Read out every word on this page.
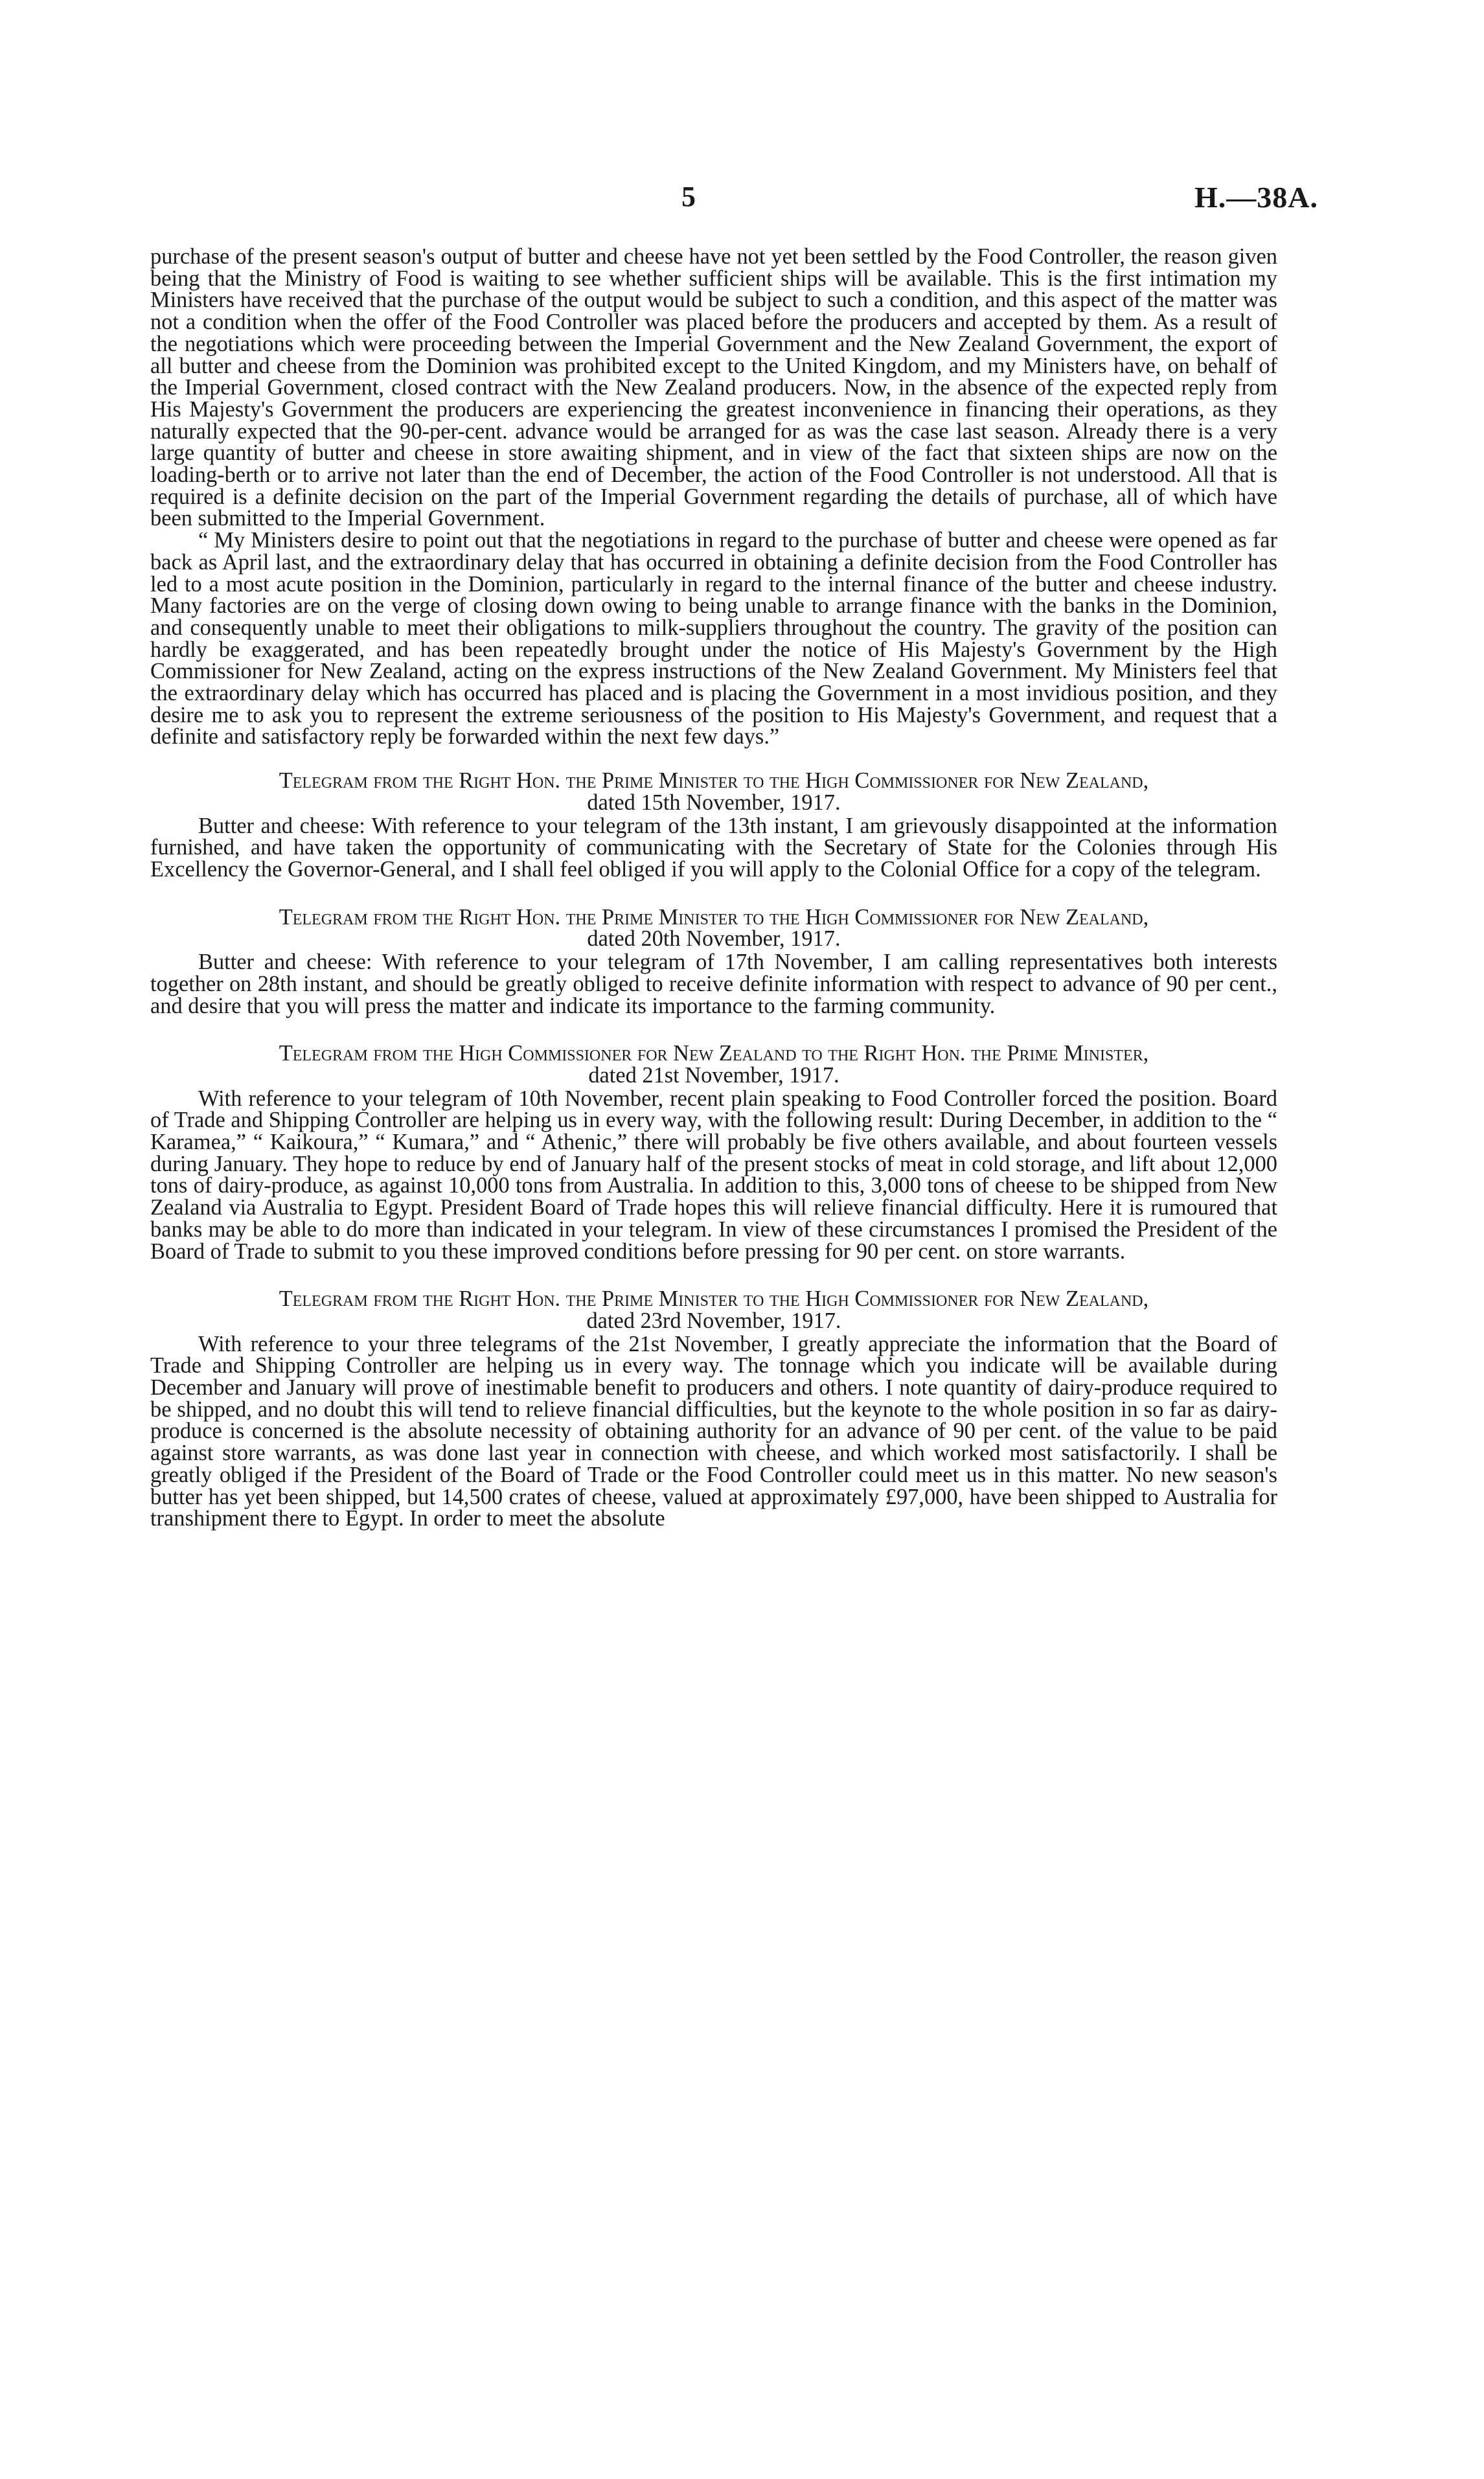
5	H.—38A.

purchase of the present season's output of butter and cheese have not yet been settled by the Food Controller, the reason given being that the Ministry of Food is waiting to see whether sufficient ships will be available. This is the first intimation my Ministers have received that the purchase of the output would be subject to such a condition, and this aspect of the matter was not a condition when the offer of the Food Controller was placed before the producers and accepted by them. As a result of the negotiations which were proceeding between the Imperial Government and the New Zealand Government, the export of all butter and cheese from the Dominion was prohibited except to the United Kingdom, and my Ministers have, on behalf of the Imperial Government, closed contract with the New Zealand producers. Now, in the absence of the expected reply from His Majesty's Government the producers are experiencing the greatest inconvenience in financing their operations, as they naturally expected that the 90-per-cent. advance would be arranged for as was the case last season. Already there is a very large quantity of butter and cheese in store awaiting shipment, and in view of the fact that sixteen ships are now on the loading-berth or to arrive not later than the end of December, the action of the Food Controller is not understood. All that is required is a definite decision on the part of the Imperial Government regarding the details of purchase, all of which have been submitted to the Imperial Government.

“ My Ministers desire to point out that the negotiations in regard to the purchase of butter and cheese were opened as far back as April last, and the extraordinary delay that has occurred in obtaining a definite decision from the Food Controller has led to a most acute position in the Dominion, particularly in regard to the internal finance of the butter and cheese industry. Many factories are on the verge of closing down owing to being unable to arrange finance with the banks in the Dominion, and consequently unable to meet their obligations to milk-suppliers throughout the country. The gravity of the position can hardly be exaggerated, and has been repeatedly brought under the notice of His Majesty's Government by the High Commissioner for New Zealand, acting on the express instructions of the New Zealand Government. My Ministers feel that the extraordinary delay which has occurred has placed and is placing the Government in a most invidious position, and they desire me to ask you to represent the extreme seriousness of the position to His Majesty's Government, and request that a definite and satisfactory reply be forwarded within the next few days.”

Telegram from the Right Hon. the Prime Minister to the High Commissioner for New Zealand,

dated 15th November, 1917.

Butter and cheese: With reference to your telegram of the 13th instant, I am grievously disappointed at the information furnished, and have taken the opportunity of communicating with the Secretary of State for the Colonies through His Excellency the Governor-General, and I shall feel obliged if you will apply to the Colonial Office for a copy of the telegram.

Telegram from the Right Hon. the Prime Minister to the High Commissioner for New Zealand,

dated 20th November, 1917.

Butter and cheese: With reference to your telegram of 17th November, I am calling representatives both interests together on 28th instant, and should be greatly obliged to receive definite information with respect to advance of 90 per cent., and desire that you will press the matter and indicate its importance to the farming community.

Telegram from the High Commissioner for New Zealand to the Right Hon. the Prime Minister,

dated 21st November, 1917.

With reference to your telegram of 10th November, recent plain speaking to Food Controller forced the position. Board of Trade and Shipping Controller are helping us in every way, with the following result: During December, in addition to the “ Karamea,” “ Kaikoura,” “ Kumara,” and “ Athenic,” there will probably be five others available, and about fourteen vessels during January. They hope to reduce by end of January half of the present stocks of meat in cold storage, and lift about 12,000 tons of dairy-produce, as against 10,000 tons from Australia. In addition to this, 3,000 tons of cheese to be shipped from New Zealand via Australia to Egypt. President Board of Trade hopes this will relieve financial difficulty. Here it is rumoured that banks may be able to do more than indicated in your telegram. In view of these circumstances I promised the President of the Board of Trade to submit to you these improved conditions before pressing for 90 per cent. on store warrants.

Telegram from the Right Hon. the Prime Minister to the High Commissioner for New Zealand,

dated 23rd November, 1917.

With reference to your three telegrams of the 21st November, I greatly appreciate the information that the Board of Trade and Shipping Controller are helping us in every way. The tonnage which you indicate will be available during December and January will prove of inestimable benefit to producers and others. I note quantity of dairy-produce required to be shipped, and no doubt this will tend to relieve financial difficulties, but the keynote to the whole position in so far as dairy-produce is concerned is the absolute necessity of obtaining authority for an advance of 90 per cent. of the value to be paid against store warrants, as was done last year in connection with cheese, and which worked most satisfactorily. I shall be greatly obliged if the President of the Board of Trade or the Food Controller could meet us in this matter. No new season's butter has yet been shipped, but 14,500 crates of cheese, valued at approximately £97,000, have been shipped to Australia for transhipment there to Egypt. In order to meet the absolute
